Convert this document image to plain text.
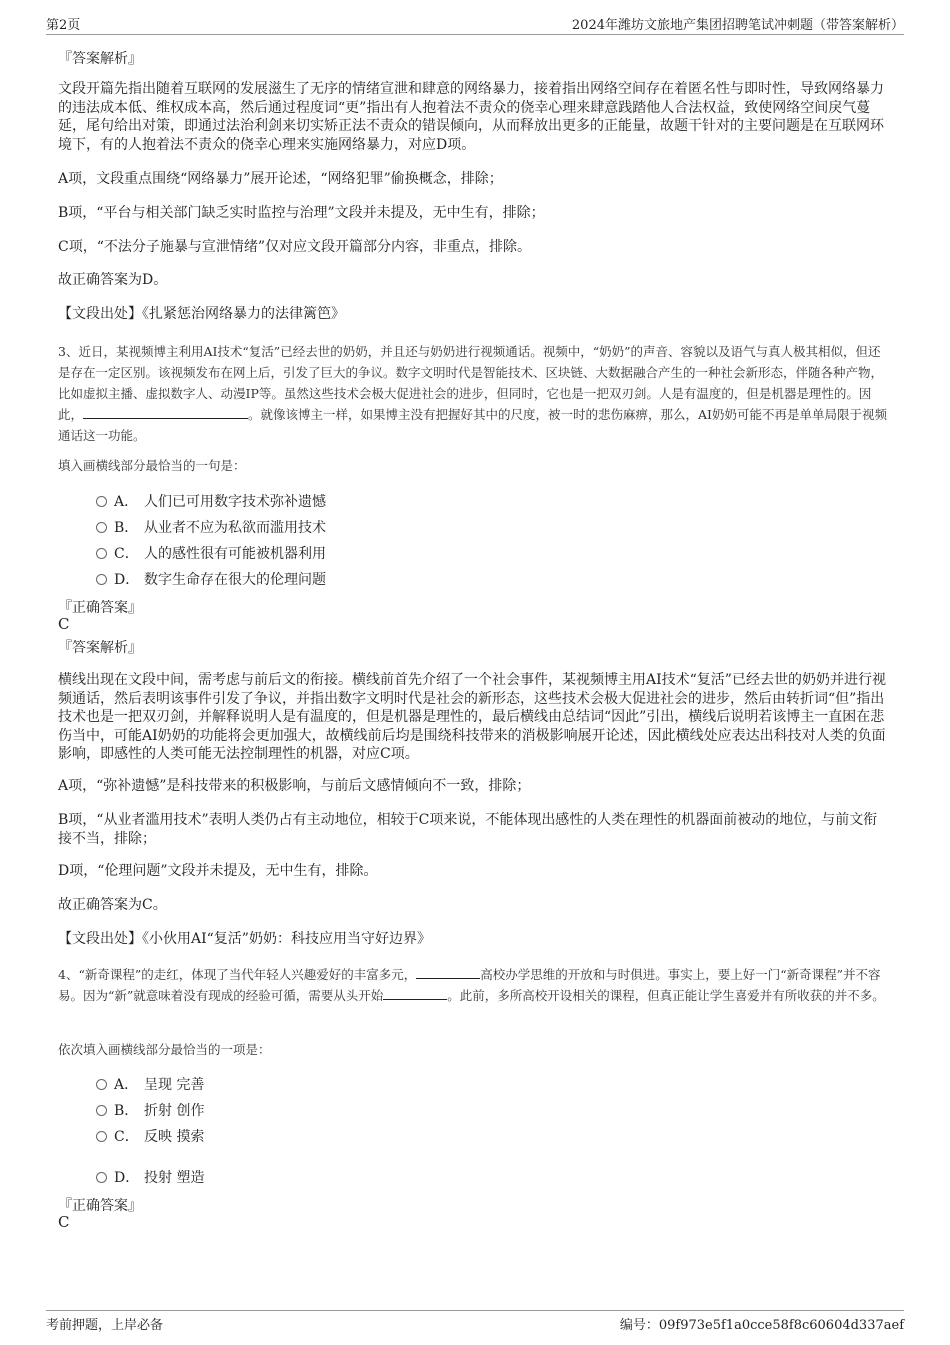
第2页	2024年潍坊文旅地产集团招聘笔试冲刺题（带答案解析）
『答案解析』

文段开篇先指出随着互联网的发展滋生了无序的情绪宣泄和肆意的网络暴力，接着指出网络空间存在着匿名性与即时性，导致网络暴力的违法成本低、维权成本高，然后通过程度词“更”指出有人抱着法不责众的侥幸心理来肆意践踏他人合法权益，致使网络空间戾气蔓延，尾句给出对策，即通过法治利剑来切实矫正法不责众的错误倾向，从而释放出更多的正能量，故题干针对的主要问题是在互联网环境下，有的人抱着法不责众的侥幸心理来实施网络暴力，对应D项。

A项，文段重点围绕“网络暴力”展开论述，“网络犯罪”偷换概念，排除；

B项，“平台与相关部门缺乏实时监控与治理”文段并未提及，无中生有，排除；

C项，“不法分子施暴与宣泄情绪”仅对应文段开篇部分内容，非重点，排除。

故正确答案为D。

【文段出处】《扎紧惩治网络暴力的法律篱笆》

3、近日，某视频博主利用AI技术“复活”已经去世的奶奶，并且还与奶奶进行视频通话。视频中，“奶奶”的声音、容貌以及语气与真人极其相似，但还是存在一定区别。该视频发布在网上后，引发了巨大的争议。数字文明时代是智能技术、区块链、大数据融合产生的一种社会新形态，伴随各种产物，比如虚拟主播、虚拟数字人、动漫IP等。虽然这些技术会极大促进社会的进步，但同时，它也是一把双刃剑。人是有温度的，但是机器是理性的。因此，	。就像该博主一样，如果博主没有把握好其中的尺度，被一时的悲伤麻痹，那么，AI奶奶可能不再是单单局限于视频通话这一功能。

填入画横线部分最恰当的一句是：

A． 人们已可用数字技术弥补遗憾
B． 从业者不应为私欲而滥用技术
C． 人的感性很有可能被机器利用
D． 数字生命存在很大的伦理问题
『正确答案』
C
『答案解析』

横线出现在文段中间，需考虑与前后文的衔接。横线前首先介绍了一个社会事件，某视频博主用AI技术“复活”已经去世的奶奶并进行视频通话，然后表明该事件引发了争议，并指出数字文明时代是社会的新形态，这些技术会极大促进社会的进步，然后由转折词“但”指出技术也是一把双刃剑，并解释说明人是有温度的，但是机器是理性的，最后横线由总结词“因此”引出，横线后说明若该博主一直困在悲伤当中，可能AI奶奶的功能将会更加强大，故横线前后均是围绕科技带来的消极影响展开论述，因此横线处应表达出科技对人类的负面影响，即感性的人类可能无法控制理性的机器，对应C项。

A项，“弥补遗憾”是科技带来的积极影响，与前后文感情倾向不一致，排除；

B项，“从业者滥用技术”表明人类仍占有主动地位，相较于C项来说，不能体现出感性的人类在理性的机器面前被动的地位，与前文衔接不当，排除；

D项，“伦理问题”文段并未提及，无中生有，排除。

故正确答案为C。

【文段出处】《小伙用AI“复活”奶奶：科技应用当守好边界》

4、“新奇课程”的走红，体现了当代年轻人兴趣爱好的丰富多元，	高校办学思维的开放和与时俱进。事实上，要上好一门“新奇课程”并不容易。因为“新”就意味着没有现成的经验可循，需要从头开始	。此前，多所高校开设相关的课程，但真正能让学生喜爱并有所收获的并不多。

依次填入画横线部分最恰当的一项是：

A． 呈现 完善
B． 折射 创作
C． 反映 摸索
D． 投射 塑造
『正确答案』
C
考前押题，上岸必备	编号：09f973e5f1a0cce58f8c60604d337aef
